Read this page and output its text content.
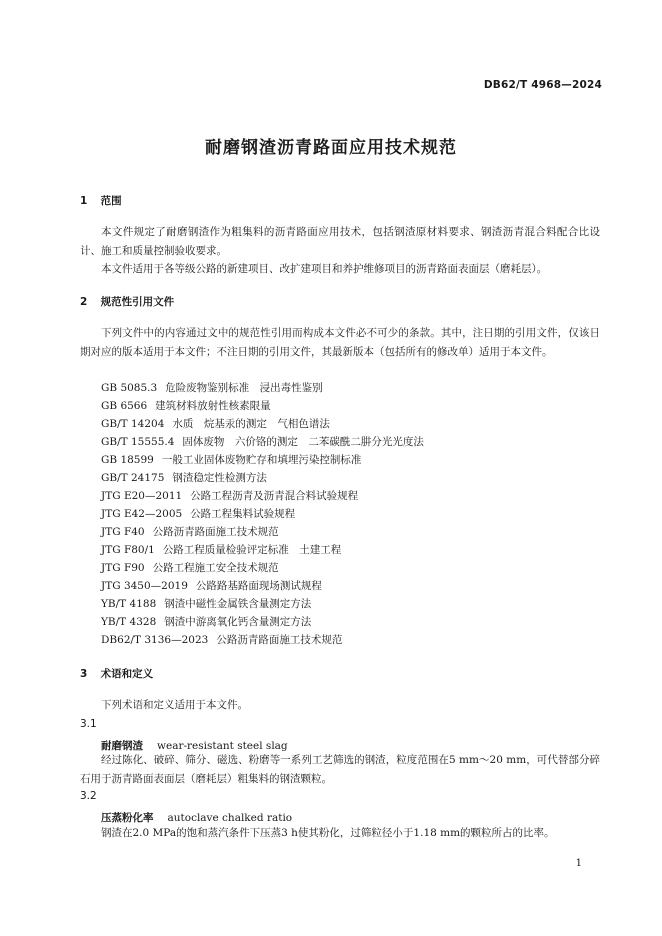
DB62/T 4968—2024
耐磨钢渣沥青路面应用技术规范
1 范围
本文件规定了耐磨钢渣作为粗集料的沥青路面应用技术，包括钢渣原材料要求、钢渣沥青混合料配合比设计、施工和质量控制验收要求。
本文件适用于各等级公路的新建项目、改扩建项目和养护维修项目的沥青路面表面层（磨耗层）。
2 规范性引用文件
下列文件中的内容通过文中的规范性引用而构成本文件必不可少的条款。其中，注日期的引用文件，仅该日期对应的版本适用于本文件；不注日期的引用文件，其最新版本（包括所有的修改单）适用于本文件。
GB 5085.3 危险废物鉴别标准　浸出毒性鉴别
GB 6566 建筑材料放射性核素限量
GB/T 14204 水质　烷基汞的测定　气相色谱法
GB/T 15555.4 固体废物　六价铬的测定　二苯碳酰二肼分光光度法
GB 18599 一般工业固体废物贮存和填埋污染控制标准
GB/T 24175 钢渣稳定性检测方法
JTG E20—2011 公路工程沥青及沥青混合料试验规程
JTG E42—2005 公路工程集料试验规程
JTG F40 公路沥青路面施工技术规范
JTG F80/1 公路工程质量检验评定标准　土建工程
JTG F90 公路工程施工安全技术规范
JTG 3450—2019 公路路基路面现场测试规程
YB/T 4188 钢渣中磁性金属铁含量测定方法
YB/T 4328 钢渣中游离氧化钙含量测定方法
DB62/T 3136—2023 公路沥青路面施工技术规范
3 术语和定义
下列术语和定义适用于本文件。
3.1
耐磨钢渣 wear-resistant steel slag
经过陈化、破碎、筛分、磁选、粉磨等一系列工艺筛选的钢渣，粒度范围在5 mm～20 mm，可代替部分碎石用于沥青路面表面层（磨耗层）粗集料的钢渣颗粒。
3.2
压蒸粉化率 autoclave chalked ratio
钢渣在2.0 MPa的饱和蒸汽条件下压蒸3 h使其粉化，过筛粒径小于1.18 mm的颗粒所占的比率。
1
